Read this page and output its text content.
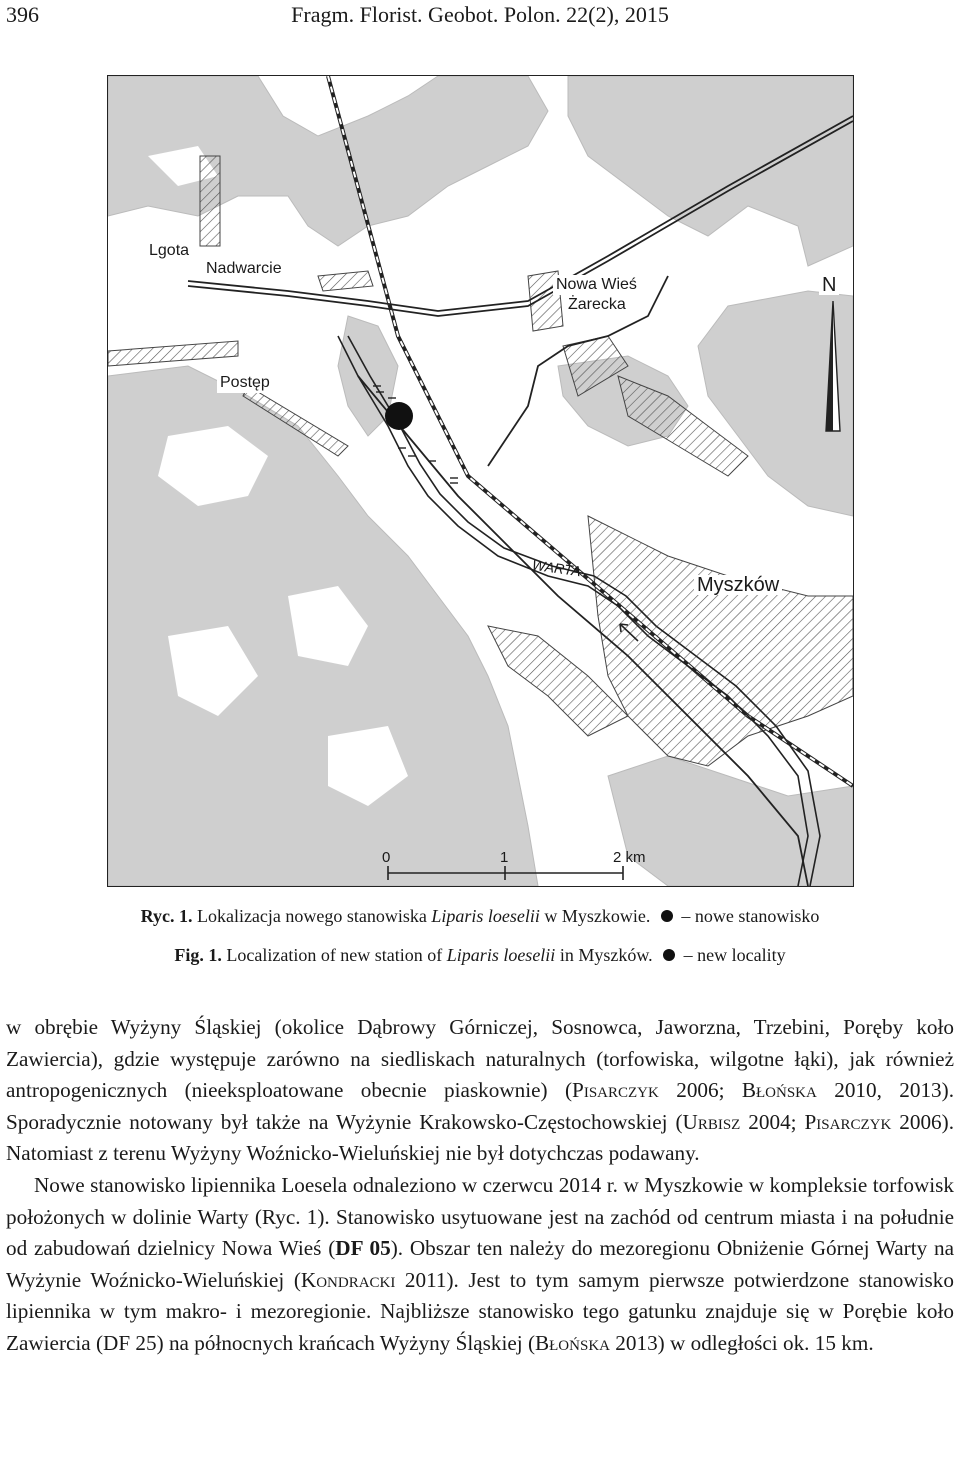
396	Fragm. Florist. Geobot. Polon. 22(2), 2015
Lgota
Nadwarcie
Nowa Wieś
Żarecka
Postęp
Myszków
WARTA
N
0	1	2 km
Ryc. 1. Lokalizacja nowego stanowiska Liparis loeselii w Myszkowie. – nowe stanowisko
Fig. 1. Localization of new station of Liparis loeselii in Myszków. – new locality

w obrębie Wyżyny Śląskiej (okolice Dąbrowy Górniczej, Sosnowca, Jaworzna, Trzebini, Poręby koło Zawiercia), gdzie występuje zarówno na siedliskach naturalnych (torfowiska, wilgotne łąki), jak również antropogenicznych (nieeksploatowane obecnie piaskownie) (Pisarczyk 2006; Błońska 2010, 2013). Sporadycznie notowany był także na Wyżynie Krakowsko-Częstochowskiej (Urbisz 2004; Pisarczyk 2006). Natomiast z terenu Wyżyny Woźnicko-Wieluńskiej nie był dotychczas podawany.

Nowe stanowisko lipiennika Loesela odnaleziono w czerwcu 2014 r. w Myszkowie w kompleksie torfowisk położonych w dolinie Warty (Ryc. 1). Stanowisko usytuowane jest na zachód od centrum miasta i na południe od zabudowań dzielnicy Nowa Wieś (DF 05). Obszar ten należy do mezoregionu Obniżenie Górnej Warty na Wyżynie Woźnicko-Wieluńskiej (Kondracki 2011). Jest to tym samym pierwsze potwierdzone stanowisko lipiennika w tym makro- i mezoregionie. Najbliższe stanowisko tego gatunku znajduje się w Porębie koło Zawiercia (DF 25) na północnych krańcach Wyżyny Śląskiej (Błońska 2013) w odległości ok. 15 km.
